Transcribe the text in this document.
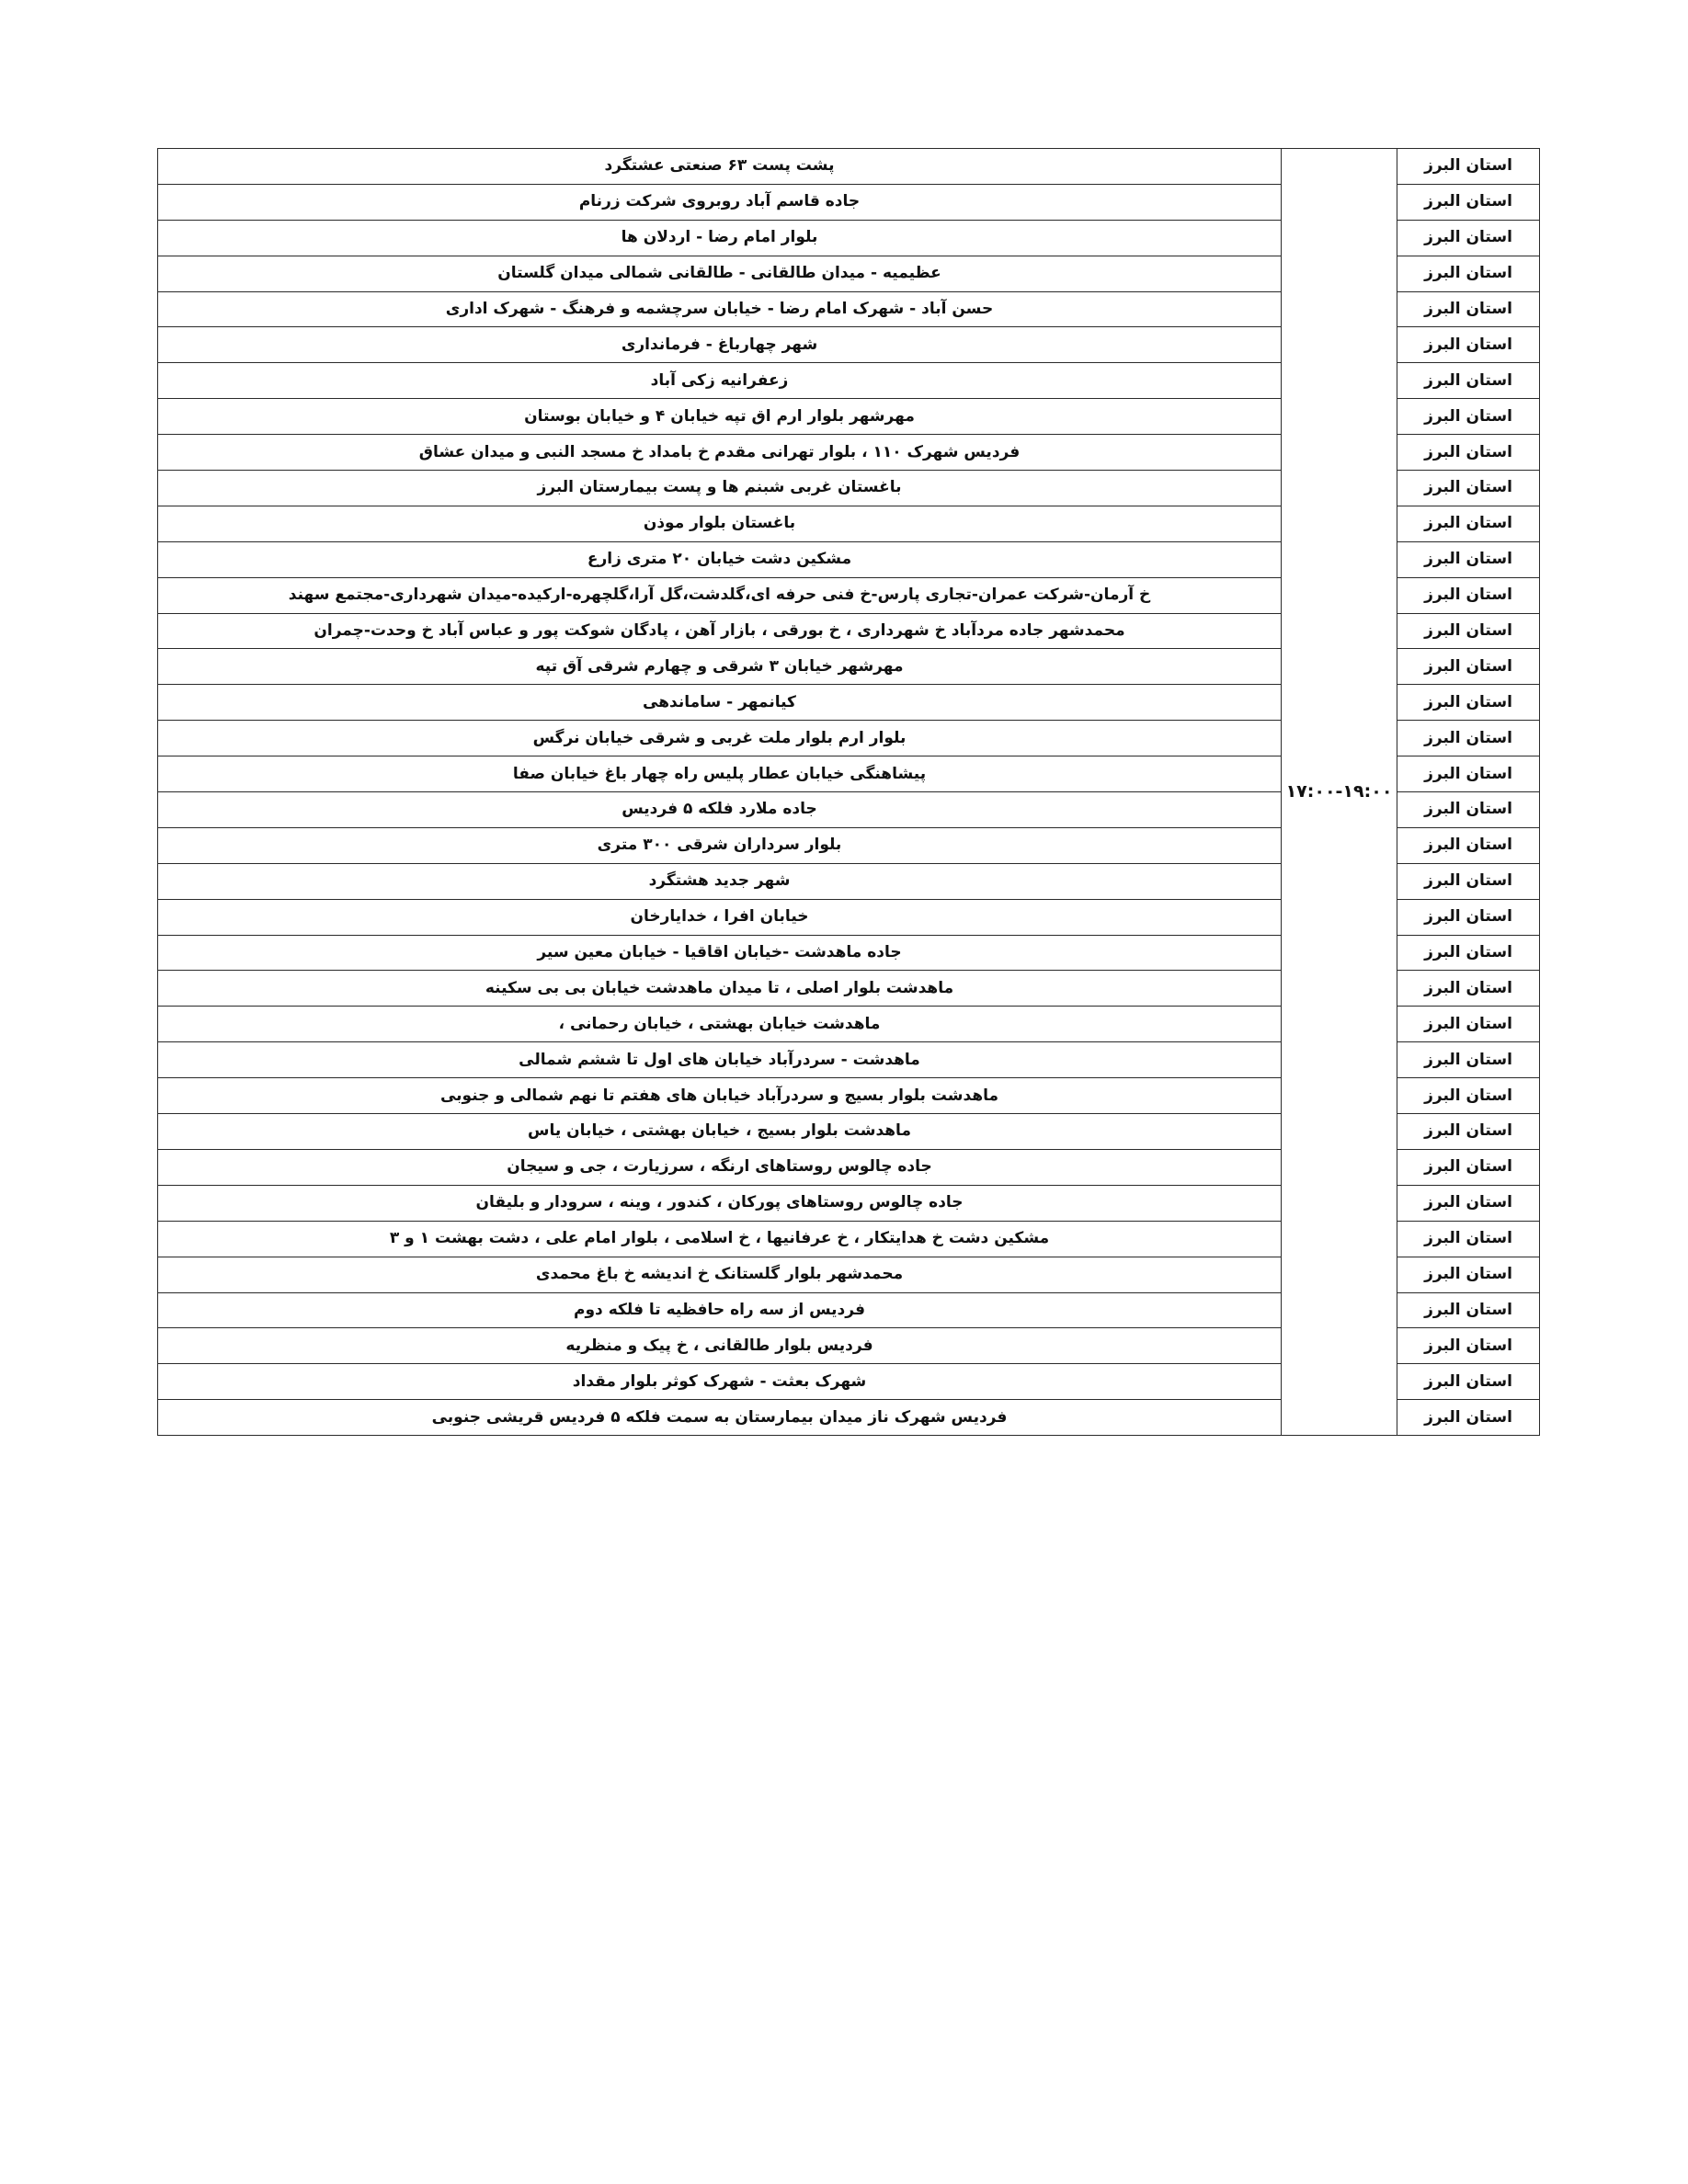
استان البرز	۱۷:۰۰-۱۹:۰۰	پشت پست ۶۳ صنعتی عشتگرد
استان البرز		جاده قاسم آباد روبروی شرکت زرنام
استان البرز		بلوار امام رضا - اردلان ها
استان البرز		عظیمیه - میدان طالقانی - طالقانی شمالی میدان گلستان
استان البرز		حسن آباد - شهرک امام رضا - خیابان سرچشمه و فرهنگ - شهرک اداری
استان البرز		شهر چهارباغ - فرمانداری
استان البرز		زعفرانیه زکی آباد
استان البرز		مهرشهر بلوار ارم اق تپه خیابان ۴ و خیابان بوستان
استان البرز		فردیس شهرک ۱۱۰ ، بلوار تهرانی مقدم خ بامداد خ مسجد النبی و میدان عشاق
استان البرز		باغستان غربی شبنم ها و پست بیمارستان البرز
استان البرز		باغستان بلوار موذن
استان البرز		مشکین دشت خیابان ۲۰ متری زارع
استان البرز		خ آرمان-شرکت عمران-تجاری پارس-خ فنی حرفه ای،گلدشت،گل آرا،گلچهره-ارکیده-میدان شهرداری-مجتمع سهند
استان البرز		محمدشهر جاده مردآباد خ شهرداری ، خ بورقی ، بازار آهن ، پادگان شوکت پور و عباس آباد خ وحدت-چمران
استان البرز		مهرشهر خیابان ۳ شرقی و چهارم شرقی آق تپه
استان البرز		کیانمهر - ساماندهی
استان البرز		بلوار ارم بلوار ملت غربی و شرقی خیابان نرگس
استان البرز		پیشاهنگی خیابان عطار پلیس راه چهار باغ خیابان صفا
استان البرز		جاده ملارد فلکه ۵ فردیس
استان البرز		بلوار سرداران شرقی ۳۰۰ متری
استان البرز		شهر جدید هشتگرد
استان البرز		خیابان افرا ، خدایارخان
استان البرز		جاده ماهدشت -خیابان اقاقیا - خیابان معین سیر
استان البرز		ماهدشت بلوار اصلی ، تا میدان ماهدشت خیابان بی بی سکینه
استان البرز		ماهدشت خیابان بهشتی ، خیابان رحمانی ،
استان البرز		ماهدشت - سردرآباد خیابان های اول تا ششم شمالی
استان البرز		ماهدشت بلوار بسیج و سردرآباد خیابان های هفتم تا نهم شمالی و جنوبی
استان البرز		ماهدشت بلوار بسیج ، خیابان بهشتی ، خیابان یاس
استان البرز		جاده چالوس روستاهای ارنگه ، سرزیارت ، جی و سیجان
استان البرز		جاده چالوس روستاهای پورکان ، کندور ، وینه ، سرودار و بلیقان
استان البرز		مشکین دشت خ هدایتکار ، خ عرفانیها ، خ اسلامی ، بلوار امام علی ، دشت بهشت ۱ و ۳
استان البرز		محمدشهر بلوار گلستانک خ اندیشه خ باغ محمدی
استان البرز		فردیس از سه راه حافظیه تا فلکه دوم
استان البرز		فردیس بلوار طالقانی ، خ پیک و منظریه
استان البرز		شهرک بعثت - شهرک کوثر بلوار مقداد
استان البرز		فردیس شهرک ناز میدان بیمارستان به سمت فلکه ۵ فردیس قریشی جنوبی
